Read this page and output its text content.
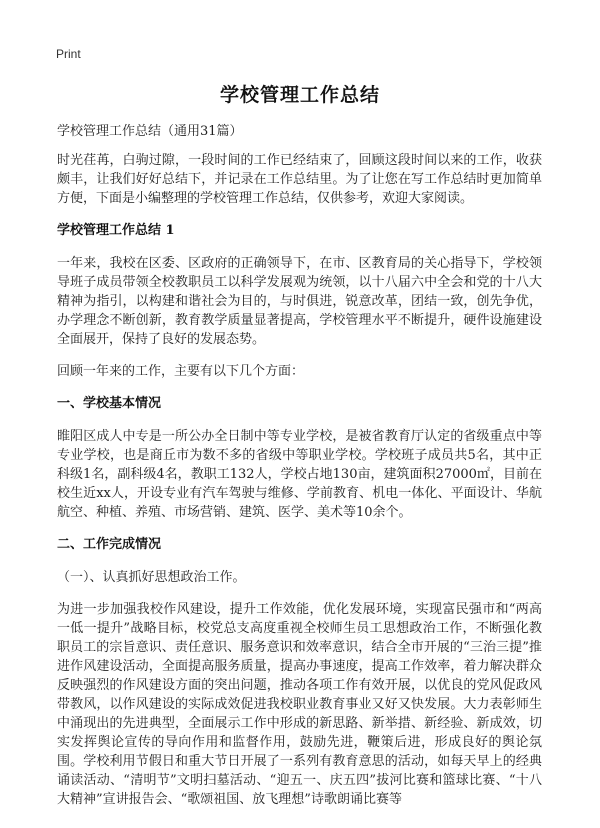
Print
学校管理工作总结

学校管理工作总结（通用31篇）

时光荏苒，白驹过隙，一段时间的工作已经结束了，回顾这段时间以来的工作，收获颇丰，让我们好好总结下，并记录在工作总结里。为了让您在写工作总结时更加简单方便，下面是小编整理的学校管理工作总结，仅供参考，欢迎大家阅读。

学校管理工作总结 1

一年来，我校在区委、区政府的正确领导下，在市、区教育局的关心指导下，学校领导班子成员带领全校教职员工以科学发展观为统领，以十八届六中全会和党的十八大精神为指引，以构建和谐社会为目的，与时俱进，锐意改革，团结一致，创先争优，办学理念不断创新，教育教学质量显著提高，学校管理水平不断提升，硬件设施建设全面展开，保持了良好的发展态势。

回顾一年来的工作，主要有以下几个方面：

一、学校基本情况

睢阳区成人中专是一所公办全日制中等专业学校，是被省教育厅认定的省级重点中等专业学校，也是商丘市为数不多的省级中等职业学校。学校班子成员共5名，其中正科级1名，副科级4名，教职工132人，学校占地130亩，建筑面积27000㎡，目前在校生近xx人，开设专业有汽车驾驶与维修、学前教育、机电一体化、平面设计、华航航空、种植、养殖、市场营销、建筑、医学、美术等10余个。

二、工作完成情况

（一）、认真抓好思想政治工作。

为进一步加强我校作风建设，提升工作效能，优化发展环境，实现富民强市和“两高一低一提升”战略目标，校党总支高度重视全校师生员工思想政治工作，不断强化教职员工的宗旨意识、责任意识、服务意识和效率意识，结合全市开展的“三治三提”推进作风建设活动，全面提高服务质量，提高办事速度，提高工作效率，着力解决群众反映强烈的作风建设方面的突出问题，推动各项工作有效开展，以优良的党风促政风带教风，以作风建设的实际成效促进我校职业教育事业又好又快发展。大力表彰师生中涌现出的先进典型，全面展示工作中形成的新思路、新举措、新经验、新成效，切实发挥舆论宣传的导向作用和监督作用，鼓励先进，鞭策后进，形成良好的舆论氛围。学校利用节假日和重大节日开展了一系列有教育意思的活动，如每天早上的经典诵读活动、“清明节”文明扫墓活动、“迎五一、庆五四”拔河比赛和篮球比赛、“十八大精神”宣讲报告会、“歌颂祖国、放飞理想”诗歌朗诵比赛等
